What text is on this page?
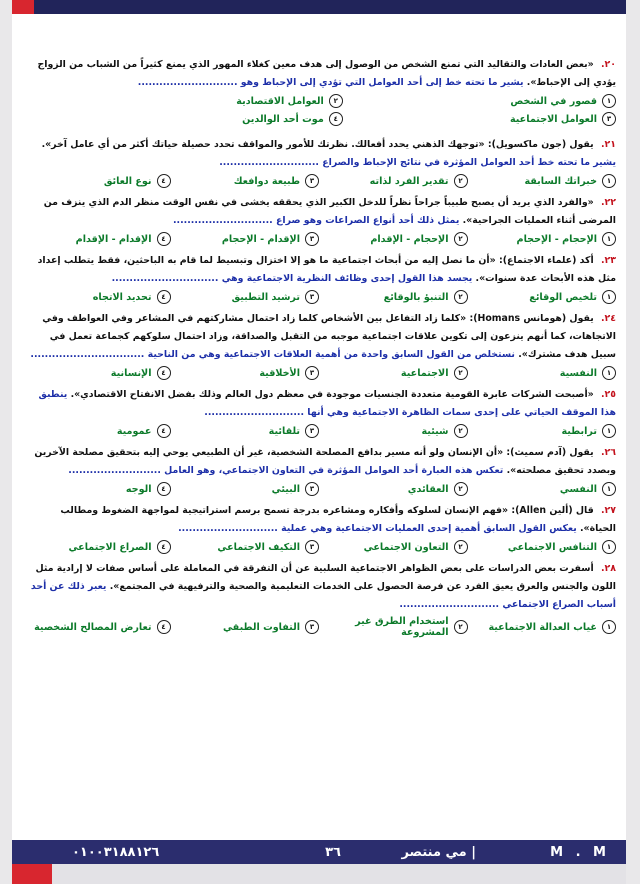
٢٠. «بعض العادات والتقاليد التي تمنع الشخص من الوصول إلى هدف معين كغلاء المهور الذي يمنع كثيراً من الشباب من الزواج يؤدي إلى الإحباط». يشير ما تحته خط إلى أحد العوامل التي تؤدي إلى الإحباط وهو ............................
١
قصور في الشخص
٢
العوامل الاقتصادية
٣
العوامل الاجتماعية
٤
موت أحد الوالدين
٢١. يقول (جون ماكسويل): «توجهك الذهني يحدد أفعالك. نظرتك للأمور والمواقف تحدد حصيلة حياتك أكثر من أي عامل آخر». يشير ما تحته خط أحد العوامل المؤثرة في نتائج الإحباط والصراع ............................
١
خبراتك السابقة
٢
تقدير الفرد لذاته
٣
طبيعة دوافعك
٤
نوع العائق
٢٢. «والفرد الذي يريد أن يصبح طبيباً جراحاً نظراً للدخل الكبير الذي يحققه يخشى في نفس الوقت منظر الدم الذي ينزف من المرضى أثناء العمليات الجراحية». يمثل ذلك أحد أنواع الصراعات وهو صراع ............................
١
الإحجام - الإحجام
٢
الإحجام - الإقدام
٣
الإقدام - الإحجام
٤
الإقدام - الإقدام
٢٣. أكد (علماء الاجتماع): «أن ما نصل إليه من أبحاث اجتماعية ما هو إلا اختزال وتبسيط لما قام به الباحثين، فقط يتطلب إعداد مثل هذه الأبحاث عدة سنوات». يجسد هذا القول إحدى وظائف النظرية الاجتماعية وهي ..............................
١
تلخيص الوقائع
٢
التنبؤ بالوقائع
٣
ترشيد التطبيق
٤
تحديد الاتجاه
٢٤. يقول (هومانس Homans): «كلما زاد التفاعل بين الأشخاص كلما زاد احتمال مشاركتهم في المشاعر وفي العواطف وفي الاتجاهات، كما أنهم ينزعون إلى تكوين علاقات اجتماعية موجبه من التقبل والصداقة، وزاد احتمال سلوكهم كجماعة تعمل في سبيل هدف مشترك». نستخلص من القول السابق واحدة من أهمية العلاقات الاجتماعية وهي من الناحية ................................
١
النفسية
٢
الاجتماعية
٣
الأخلاقية
٤
الإنسانية
٢٥. «أصبحت الشركات عابرة القومية متعددة الجنسيات موجودة في معظم دول العالم وذلك بفضل الانفتاح الاقتصادي». ينطبق هذا الموقف الحياتي على إحدى سمات الظاهرة الاجتماعية وهي أنها ............................
١
ترابطية
٢
شيئية
٣
تلقائية
٤
عمومية
٢٦. يقول (آدم سميث): «أن الإنسان ولو أنه مسير بدافع المصلحة الشخصية، غير أن الطبيعي يوحي إليه بتحقيق مصلحة الآخرين وبصدد تحقيق مصلحته». تعكس هذه العبارة أحد العوامل المؤثرة في التعاون الاجتماعي، وهو العامل ..........................
١
النفسي
٢
العقائدي
٣
البيئي
٤
الوجه
٢٧. قال (ألين Allen): «فهم الإنسان لسلوكه وأفكاره ومشاعره بدرجة تسمح برسم استراتيجية لمواجهة الضغوط ومطالب الحياة». يعكس القول السابق أهمية إحدى العمليات الاجتماعية وهي عملية ............................
١
التنافس الاجتماعي
٢
التعاون الاجتماعي
٣
التكيف الاجتماعي
٤
الصراع الاجتماعي
٢٨. أسفرت بعض الدراسات على بعض الظواهر الاجتماعية السلبية عن أن التفرقة في المعاملة على أساس صفات لا إرادية مثل اللون والجنس والعرق يعيق الفرد عن فرصة الحصول على الخدمات التعليمية والصحية والترفيهية في المجتمع». يعبر ذلك عن أحد أسباب الصراع الاجتماعي ............................
١
غياب العدالة الاجتماعية
٢
استخدام الطرق غير المشروعة
٣
التفاوت الطبقي
٤
تعارض المصالح الشخصية
M . M
| مي منتصر
٣٦
٠١٠٠٣١٨٨١٢٦
